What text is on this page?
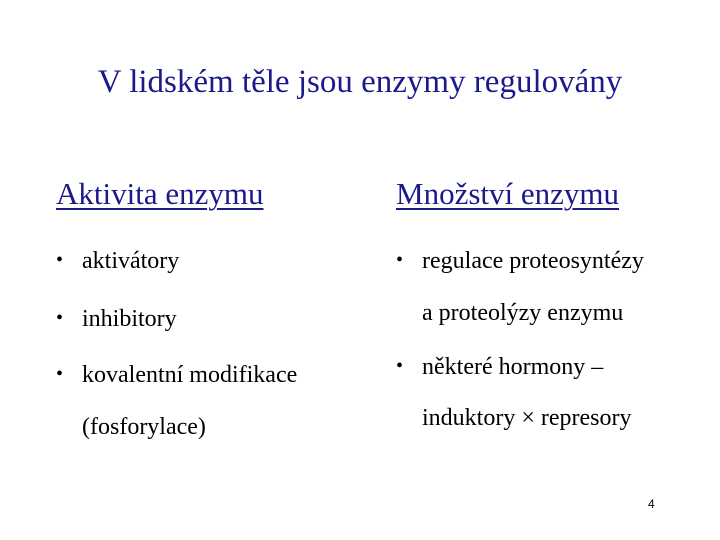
V lidském těle jsou enzymy regulovány
Aktivita enzymu	Množství enzymu
• aktivátory
• inhibitory
• kovalentní modifikace
(fosforylace)
• regulace proteosyntézy
a proteolýzy enzymu
• některé hormony –
induktory × represory
4
